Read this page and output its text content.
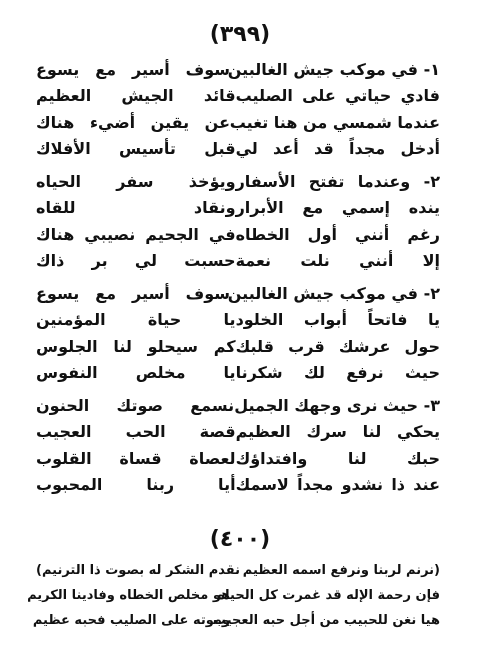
(٣٩٩)
١- في موكب جيش الغالبين
سوف أسير مع يسوع
فادي حياتي على الصليب
قائد الجيش العظيم
عندما شمسي من هنا تغيب
عن يقين أضيء هناك
أدخل مجداً قد أعد لي
قبل تأسيس الأفلاك
٢- وعندما تفتح الأسفار
ويؤخذ سفر الحياه
ينده إسمي مع الأبرار
ونقاد للقاه
رغم أنني أول الخطاه
في الجحيم نصيبي هناك
إلا أنني نلت نعمة
حسبت لي بر ذاك
٢- في موكب جيش الغالبين
سوف أسير مع يسوع
يا فاتحاً أبواب الخلود
يا حياة المؤمنين
حول عرشك قرب قلبك
كم سيحلو لنا الجلوس
حيث نرفع لك شكرنا
يا مخلص النفوس
٣- حيث نرى وجهك الجميل
نسمع صوتك الحنون
يحكي لنا سرك العظيم
قصة الحب العجيب
حبك لنا وافتداؤك
لعصاة قساة القلوب
عند ذا نشدو مجداً لاسمك
أيا ربنا المحبوب
(٤٠٠)
(نرنم لربنا ونرفع اسمه العظيم
نقدم الشكر له بصوت ذا الترنيم)
فإن رحمة الإله قد غمرت كل الحياه
هو مخلص الخطاه وفادينا الكريم
هيا نغن للحبيب من أجل حبه العجيب
وموته على الصليب فحبه عظيم
